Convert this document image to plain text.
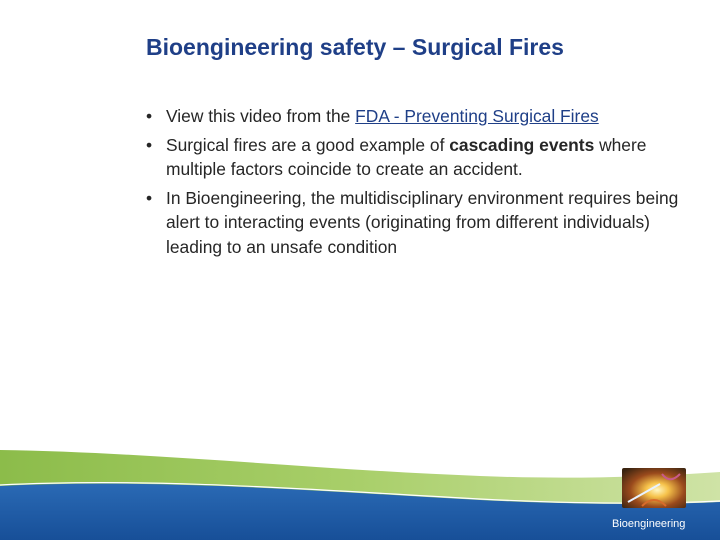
Bioengineering safety – Surgical Fires
• View this video from the FDA - Preventing Surgical Fires
• Surgical fires are a good example of cascading events where multiple factors coincide to create an accident.
• In Bioengineering, the multidisciplinary environment requires being alert to interacting events (originating from different individuals) leading to an unsafe condition
Bioengineering
